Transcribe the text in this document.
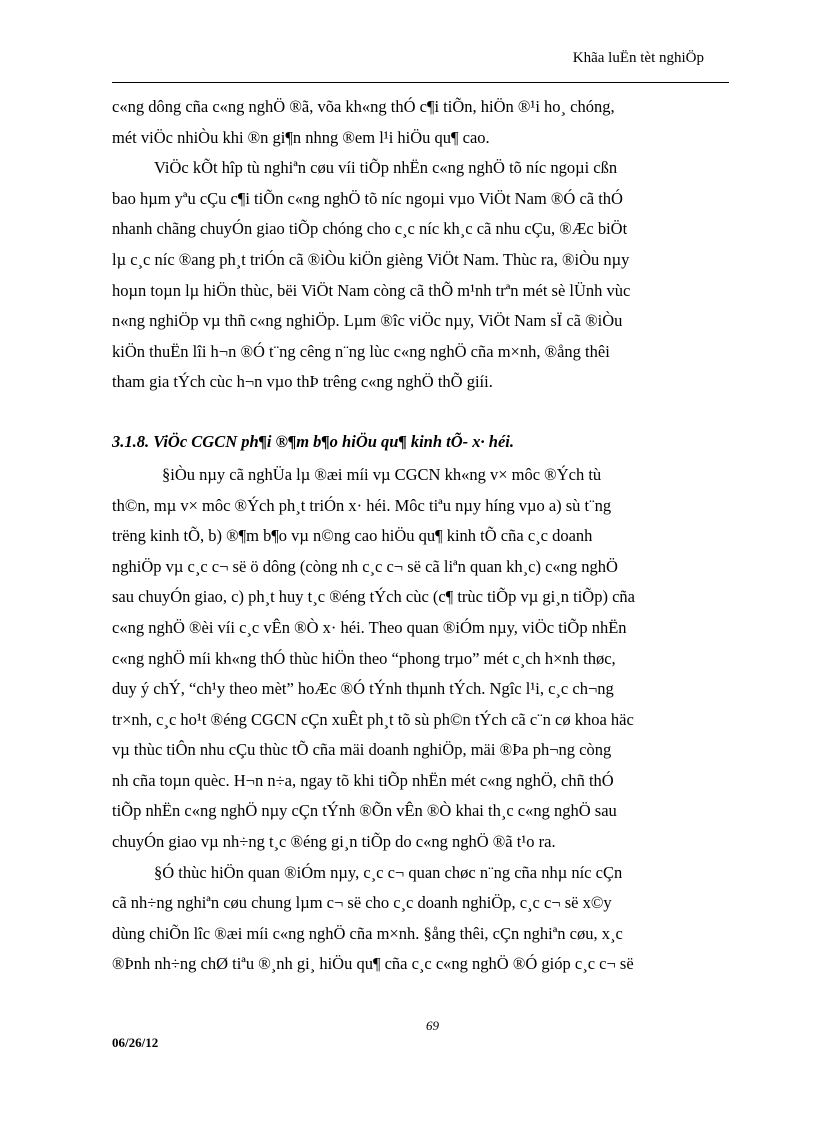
Khãa luËn tèt nghiÖp

c«ng dông cña c«ng nghÖ ®ã, võa kh«ng thÓ c¶i tiÕn, hiÖn ®¹i ho¸ chóng,
mét viÖc nhiÒu khi ®n gi¶n nhng ®em l¹i hiÖu qu¶ cao.

ViÖc kÕt hîp tù nghiªn cøu víi tiÕp nhËn c«ng nghÖ tõ níc ngoµi cßn
bao hµm yªu cÇu c¶i tiÕn c«ng nghÖ tõ níc ngoµi vµo ViÖt Nam ®Ó cã thÓ
nhanh chãng chuyÓn giao tiÕp chóng cho c¸c níc kh¸c cã nhu cÇu, ®Æc biÖt
lµ c¸c níc ®ang ph¸t triÓn cã ®iÒu kiÖn gièng ViÖt Nam. Thùc ra, ®iÒu nµy
hoµn toµn lµ hiÖn thùc, bëi ViÖt Nam còng cã thÕ m¹nh trªn mét sè lÜnh vùc
n«ng nghiÖp vµ thñ c«ng nghiÖp. Lµm ®îc viÖc nµy, ViÖt Nam sÏ cã ®iÒu
kiÖn thuËn lîi h¬n ®Ó t¨ng cêng n¨ng lùc c«ng nghÖ cña m×nh, ®ång thêi
tham gia tÝch cùc h¬n vµo thÞ trêng c«ng nghÖ thÕ giíi.

3.1.8. ViÖc CGCN ph¶i ®¶m b¶o hiÖu qu¶ kinh tÕ- x· héi.

§iÒu nµy cã nghÜa lµ ®æi míi vµ CGCN kh«ng v× môc ®Ých tù
th©n, mµ v× môc ®Ých ph¸t triÓn x· héi. Môc tiªu nµy híng vµo a) sù t¨ng
trëng kinh tÕ, b) ®¶m b¶o vµ n©ng cao hiÖu qu¶ kinh tÕ cña c¸c doanh
nghiÖp vµ c¸c c¬ së ö dông (còng nh c¸c c¬ së cã liªn quan kh¸c) c«ng nghÖ
sau chuyÓn giao, c) ph¸t huy t¸c ®éng tÝch cùc (c¶ trùc tiÕp vµ gi¸n tiÕp) cña
c«ng nghÖ ®èi víi c¸c vÊn ®Ò x· héi. Theo quan ®iÓm nµy, viÖc tiÕp nhËn
c«ng nghÖ míi kh«ng thÓ thùc hiÖn theo “phong trµo” mét c¸ch h×nh thøc,
duy ý chÝ, “ch¹y theo mèt” hoÆc ®Ó tÝnh thµnh tÝch. Ngîc l¹i, c¸c ch¬ng
tr×nh, c¸c ho¹t ®éng CGCN cÇn xuÊt ph¸t tõ sù ph©n tÝch cã c¨n cø khoa häc
vµ thùc tiÔn nhu cÇu thùc tÕ cña mäi doanh nghiÖp, mäi ®Þa ph¬ng còng
nh cña toµn quèc. H¬n n÷a, ngay tõ khi tiÕp nhËn mét c«ng nghÖ, chñ thÓ
tiÕp nhËn c«ng nghÖ nµy cÇn tÝnh ®Õn vÊn ®Ò khai th¸c c«ng nghÖ sau
chuyÓn giao vµ nh÷ng t¸c ®éng gi¸n tiÕp do c«ng nghÖ ®ã t¹o ra.

§Ó thùc hiÖn quan ®iÓm nµy, c¸c c¬ quan chøc n¨ng cña nhµ níc cÇn
cã nh÷ng nghiªn cøu chung lµm c¬ së cho c¸c doanh nghiÖp, c¸c c¬ së x©y
dùng chiÕn lîc ®æi míi c«ng nghÖ cña m×nh. §ång thêi, cÇn nghiªn cøu, x¸c
®Þnh nh÷ng chØ tiªu ®¸nh gi¸ hiÖu qu¶ cña c¸c c«ng nghÖ ®Ó gióp c¸c c¬ së

69
06/26/12
